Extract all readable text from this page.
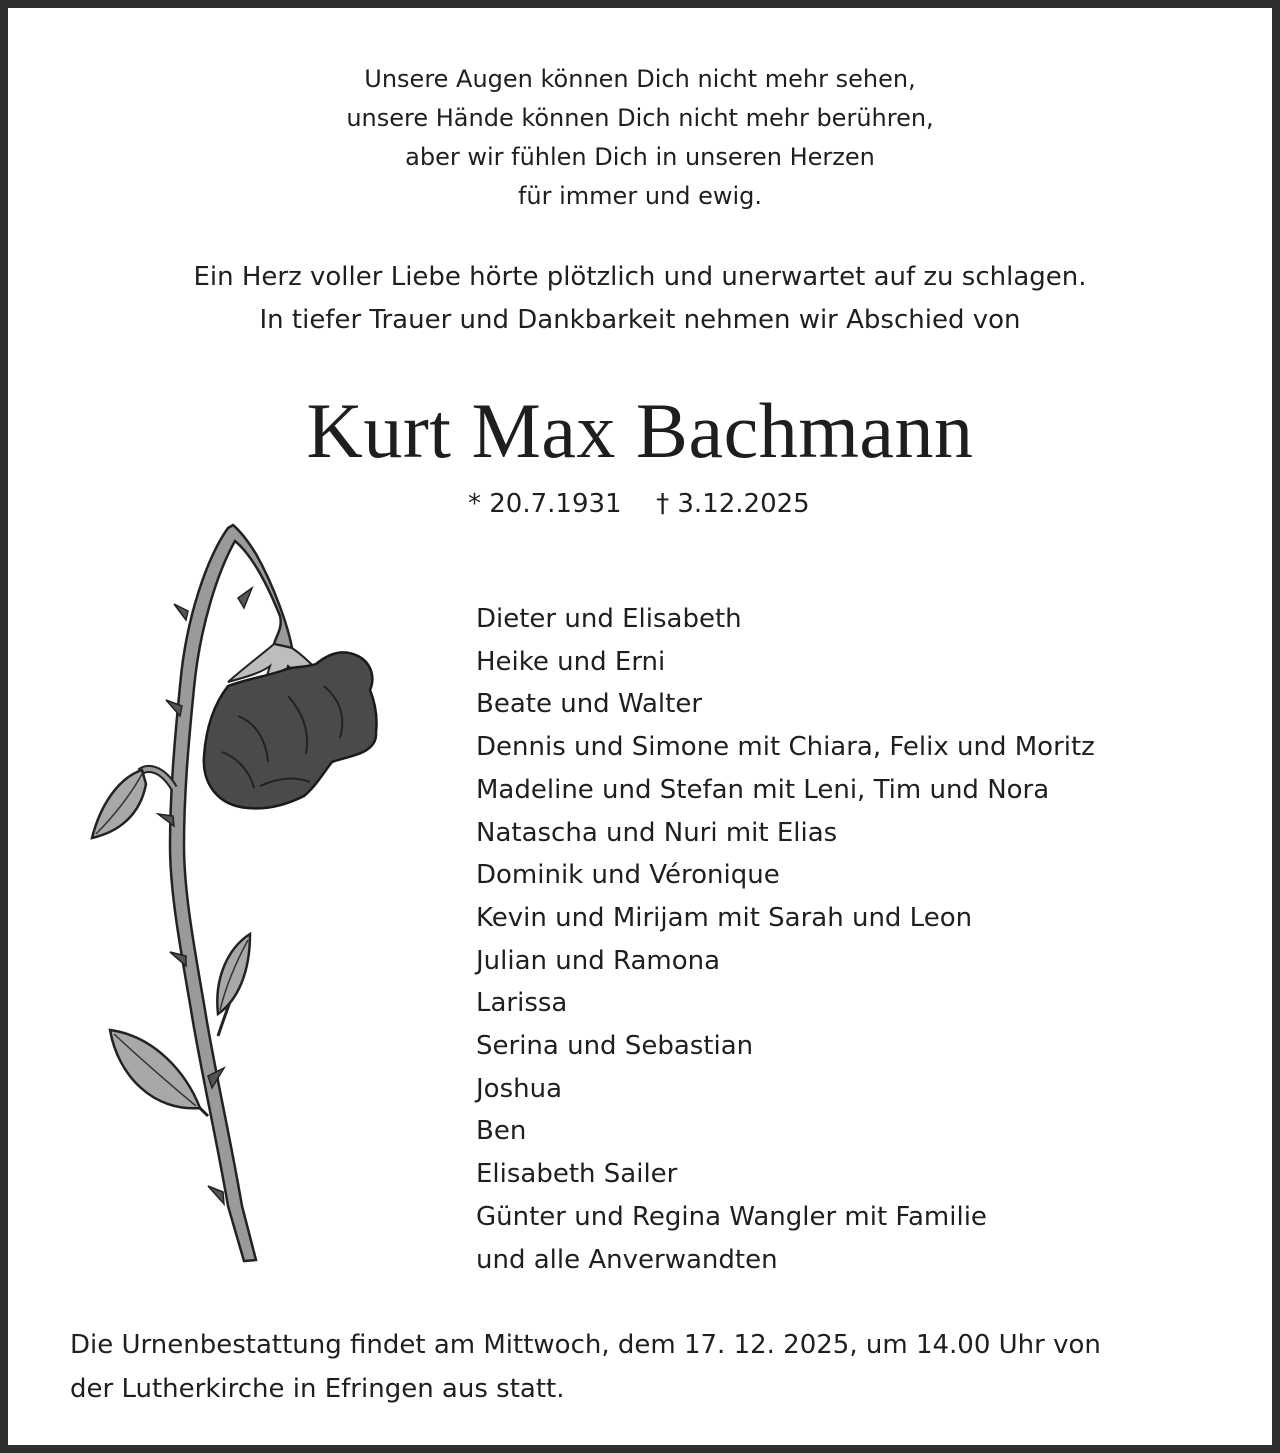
Unsere Augen können Dich nicht mehr sehen,
unsere Hände können Dich nicht mehr berühren,
aber wir fühlen Dich in unseren Herzen
für immer und ewig.
Ein Herz voller Liebe hörte plötzlich und unerwartet auf zu schlagen.
In tiefer Trauer und Dankbarkeit nehmen wir Abschied von
Kurt Max Bachmann
* 20.7.1931 † 3.12.2025
Dieter und Elisabeth
Heike und Erni
Beate und Walter
Dennis und Simone mit Chiara, Felix und Moritz
Madeline und Stefan mit Leni, Tim und Nora
Natascha und Nuri mit Elias
Dominik und Véronique
Kevin und Mirijam mit Sarah und Leon
Julian und Ramona
Larissa
Serina und Sebastian
Joshua
Ben
Elisabeth Sailer
Günter und Regina Wangler mit Familie
und alle Anverwandten
Die Urnenbestattung findet am Mittwoch, dem 17. 12. 2025, um 14.00 Uhr von
der Lutherkirche in Efringen aus statt.
